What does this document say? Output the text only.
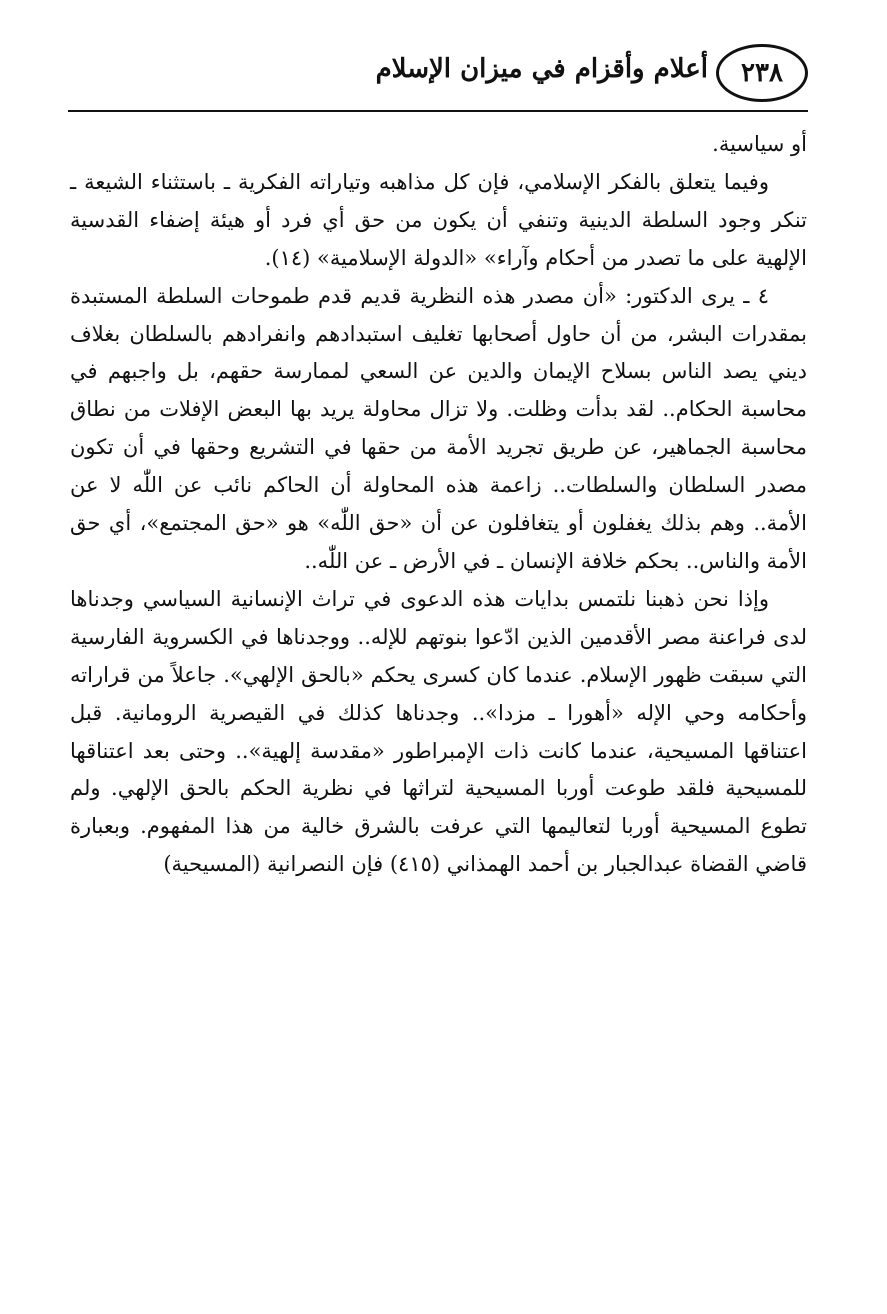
أعلام وأقزام في ميزان الإسلام ٢٣٨

أو سياسية.

وفيما يتعلق بالفكر الإسلامي، فإن كل مذاهبه وتياراته الفكرية ـ باستثناء الشيعة ـ تنكر وجود السلطة الدينية وتنفي أن يكون من حق أي فرد أو هيئة إضفاء القدسية الإلهية على ما تصدر من أحكام وآراء» «الدولة الإسلامية» (١٤).

٤ ـ يرى الدكتور: «أن مصدر هذه النظرية قديم قدم طموحات السلطة المستبدة بمقدرات البشر، من أن حاول أصحابها تغليف استبدادهم وانفرادهم بالسلطان بغلاف ديني يصد الناس بسلاح الإيمان والدين عن السعي لممارسة حقهم، بل واجبهم في محاسبة الحكام.. لقد بدأت وظلت. ولا تزال محاولة يريد بها البعض الإفلات من نطاق محاسبة الجماهير، عن طريق تجريد الأمة من حقها في التشريع وحقها في أن تكون مصدر السلطان والسلطات.. زاعمة هذه المحاولة أن الحاكم نائب عن اللّٰه لا عن الأمة.. وهم بذلك يغفلون أو يتغافلون عن أن «حق اللّٰه» هو «حق المجتمع»، أي حق الأمة والناس.. بحكم خلافة الإنسان ـ في الأرض ـ عن اللّٰه..

وإذا نحن ذهبنا نلتمس بدايات هذه الدعوى في تراث الإنسانية السياسي وجدناها لدى فراعنة مصر الأقدمين الذين ادّعوا بنوتهم للإله.. ووجدناها في الكسروية الفارسية التي سبقت ظهور الإسلام. عندما كان كسرى يحكم «بالحق الإلهي». جاعلاً من قراراته وأحكامه وحي الإله «أهورا ـ مزدا».. وجدناها كذلك في القيصرية الرومانية. قبل اعتناقها المسيحية، عندما كانت ذات الإمبراطور «مقدسة إلهية».. وحتى بعد اعتناقها للمسيحية فلقد طوعت أوربا المسيحية لتراثها في نظرية الحكم بالحق الإلهي. ولم تطوع المسيحية أوربا لتعاليمها التي عرفت بالشرق خالية من هذا المفهوم. وبعبارة قاضي القضاة عبدالجبار بن أحمد الهمذاني (٤١٥) فإن النصرانية (المسيحية)
